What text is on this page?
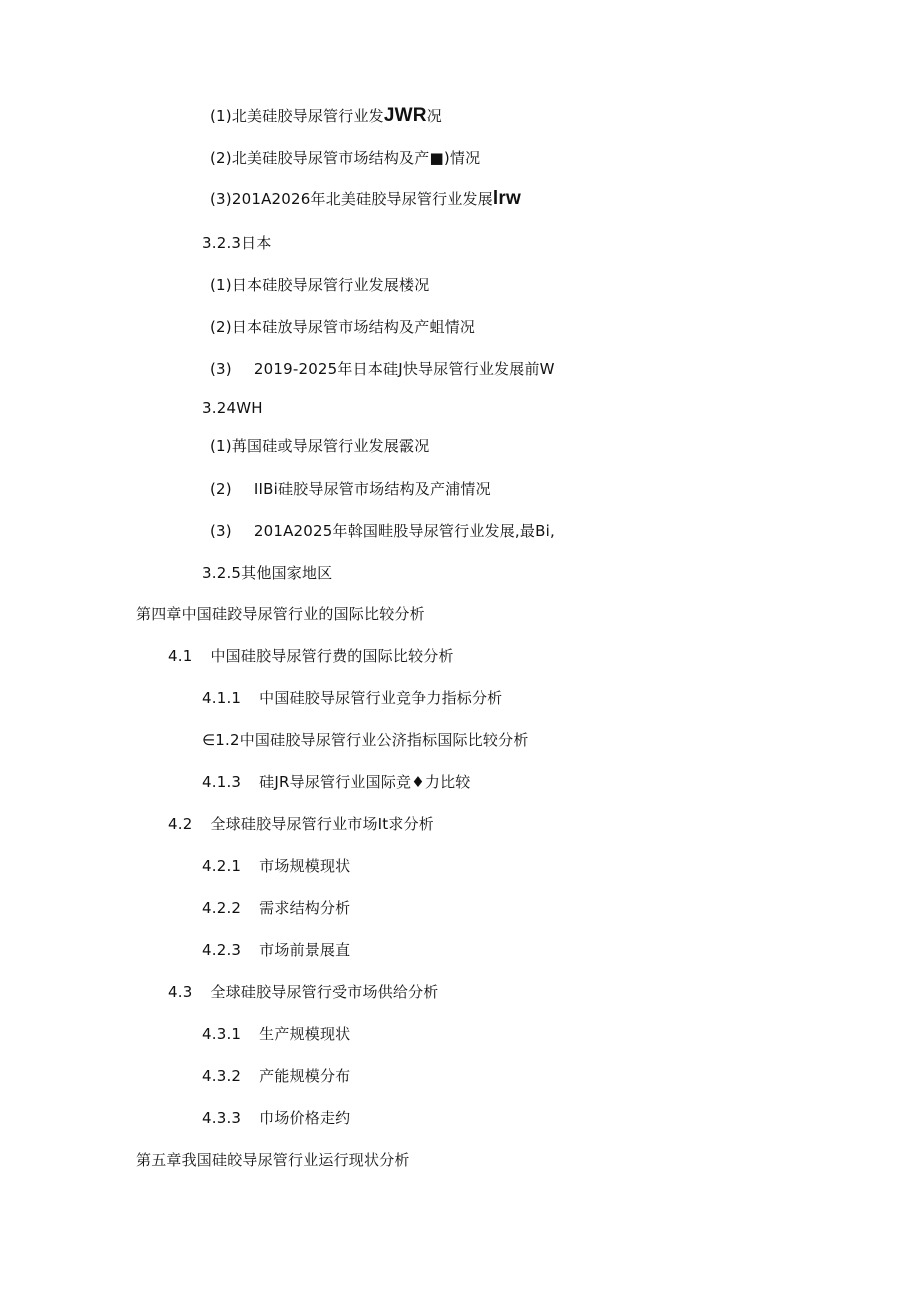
(1)北美硅胶导尿管行业发JWR况
(2)北美硅胶导尿管市场结构及产■)情况
(3)201A2026年北美硅胶导尿管行业发展lrw
3.2.3日本
(1)日本硅胶导尿管行业发展楼况
(2)日本硅放导尿管市场结构及产蛆情况
(3) 2019-2025年日本硅J快导尿管行业发展前W
3.24WH
(1)苒国硅或导尿管行业发展霰况
(2) IIBi硅胶导尿管市场结构及产浦情况
(3) 201A2025年斡国畦股导尿管行业发展,最Bi,
3.2.5其他国家地区
第四章中国硅跤导尿管行业的国际比较分析
4.1 中国硅胶导尿管行费的国际比较分析
4.1.1 中国硅胶导尿管行业竞争力指标分析
∈1.2中国硅胶导尿管行业公济指标国际比较分析
4.1.3 硅JR导尿管行业国际竞♦力比较
4.2 全球硅胶导尿管行业市场It求分析
4.2.1 市场规模现状
4.2.2 需求结构分析
4.2.3 市场前景展直
4.3 全球硅胶导尿管行受市场供给分析
4.3.1 生产规模现状
4.3.2 产能规模分布
4.3.3 巾场价格走约
第五章我国硅皎导尿管行业运行现状分析
